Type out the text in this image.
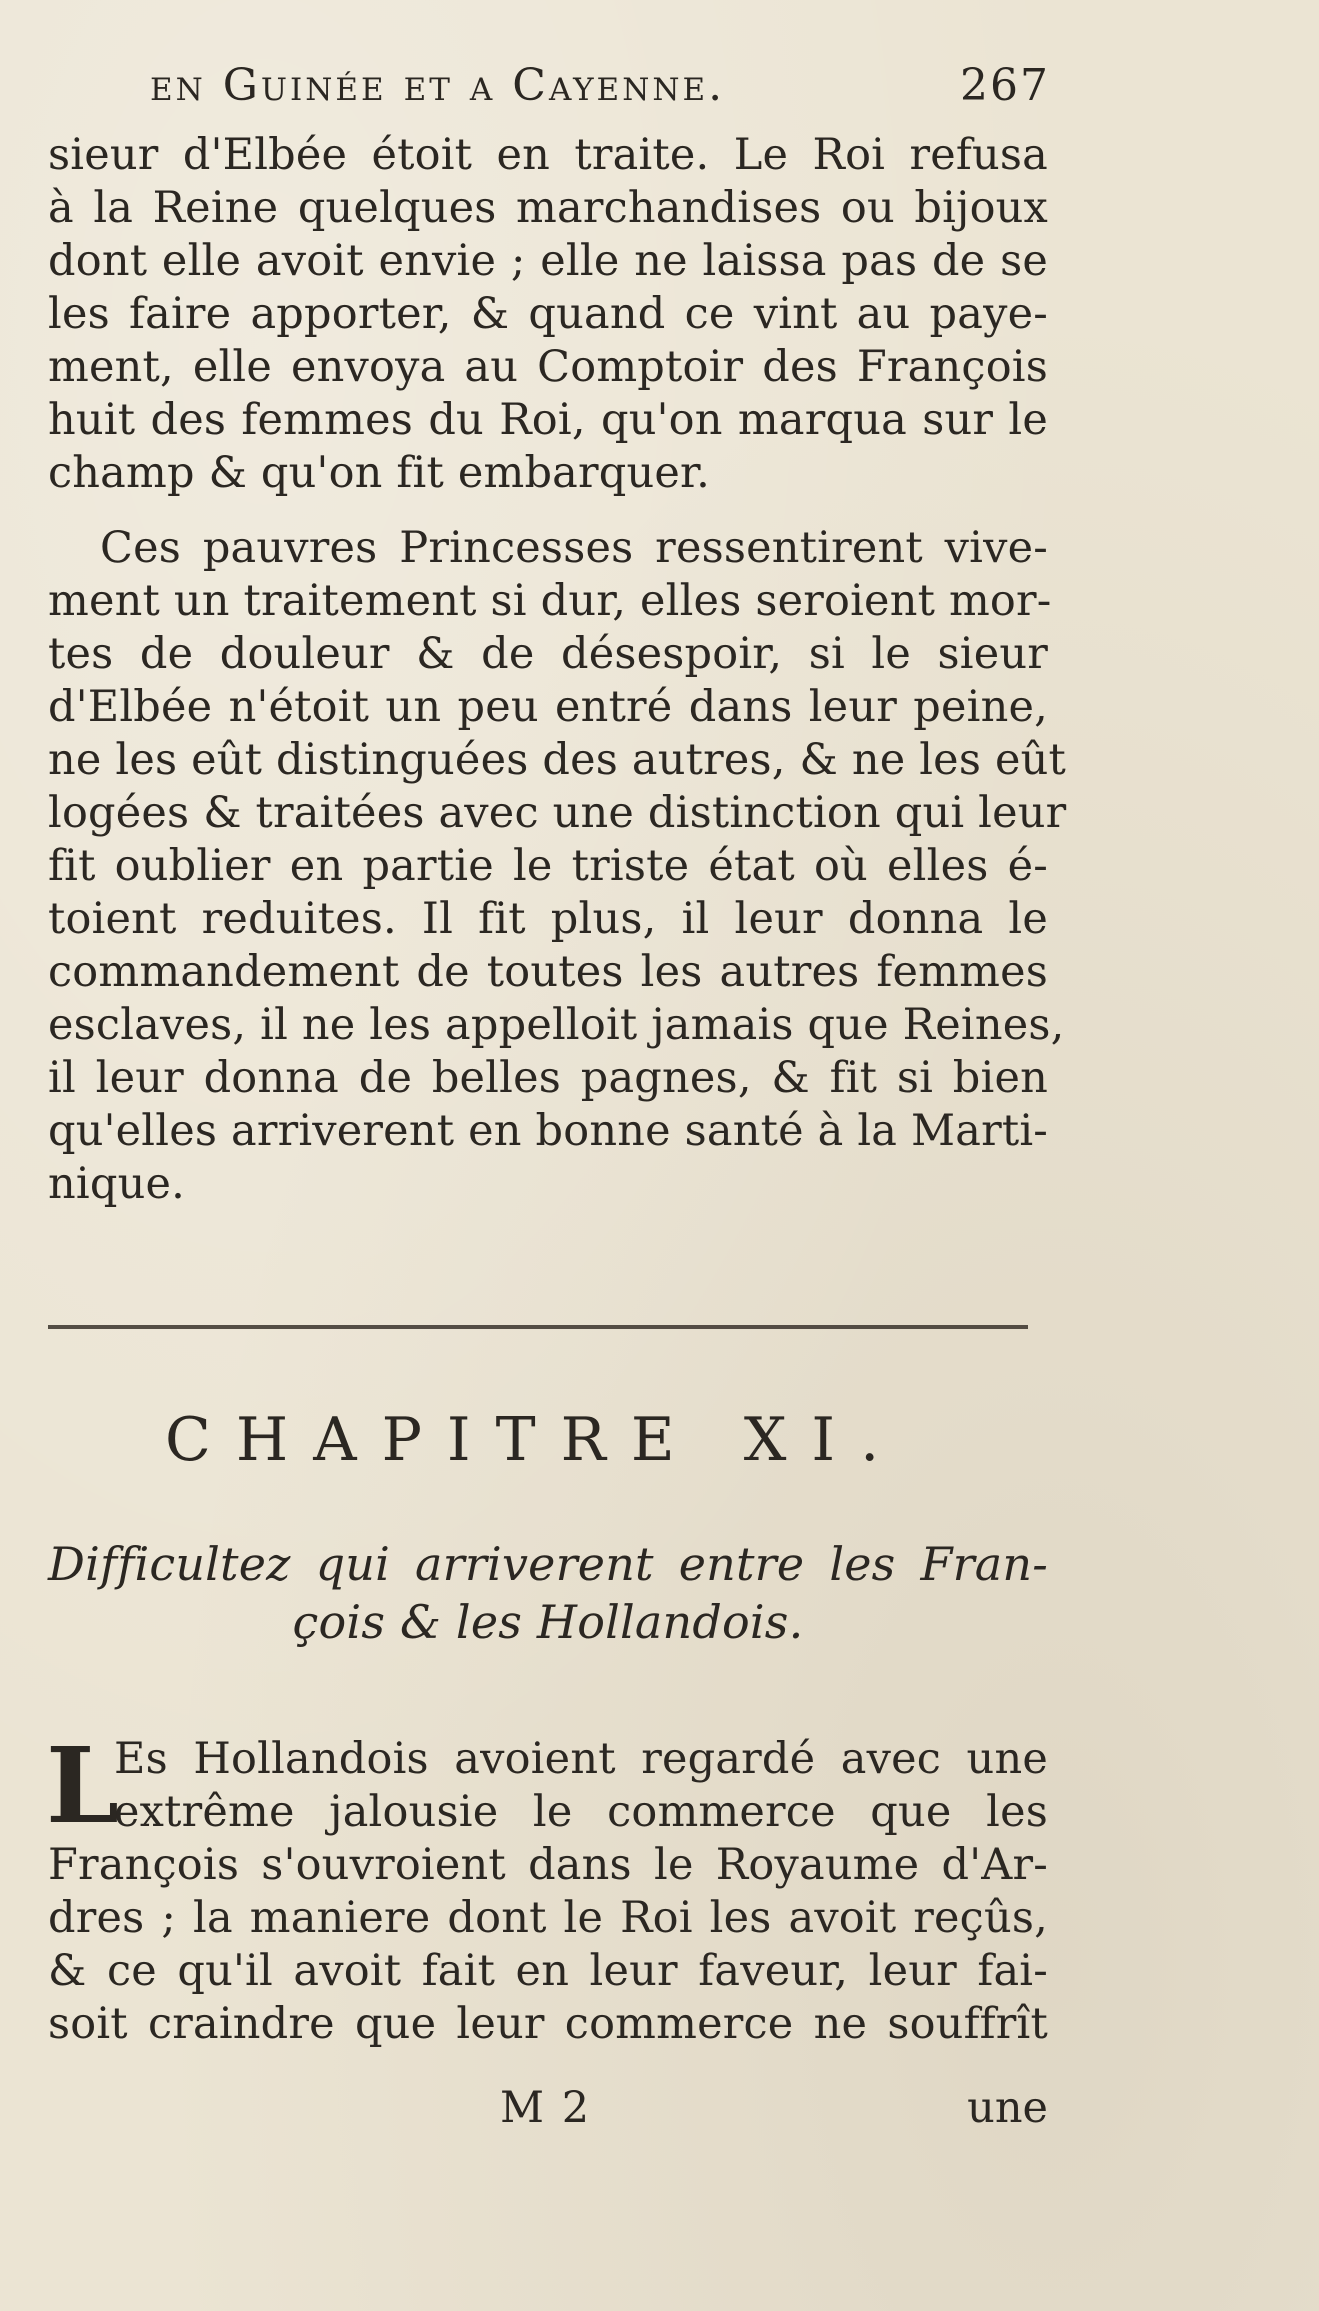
en Guinée et a Cayenne.	267
sieur d'Elbée étoit en traite. Le Roi refusa
à la Reine quelques marchandises ou bijoux
dont elle avoit envie ; elle ne laissa pas de se
les faire apporter, & quand ce vint au paye-
ment, elle envoya au Comptoir des François
huit des femmes du Roi, qu'on marqua sur le
champ & qu'on fit embarquer.
Ces pauvres Princesses ressentirent vive-
ment un traitement si dur, elles seroient mor-
tes de douleur & de désespoir, si le sieur
d'Elbée n'étoit un peu entré dans leur peine,
ne les eût distinguées des autres, & ne les eût
logées & traitées avec une distinction qui leur
fit oublier en partie le triste état où elles é-
toient reduites. Il fit plus, il leur donna le
commandement de toutes les autres femmes
esclaves, il ne les appelloit jamais que Reines,
il leur donna de belles pagnes, & fit si bien
qu'elles arriverent en bonne santé à la Marti-
nique.
CHAPITRE XI.
Difficultez qui arriverent entre les Fran-
çois & les Hollandois.
L
Es Hollandois avoient regardé avec une
extrême jalousie le commerce que les
François s'ouvroient dans le Royaume d'Ar-
dres ; la maniere dont le Roi les avoit reçûs,
& ce qu'il avoit fait en leur faveur, leur fai-
soit craindre que leur commerce ne souffrît
M 2	une
